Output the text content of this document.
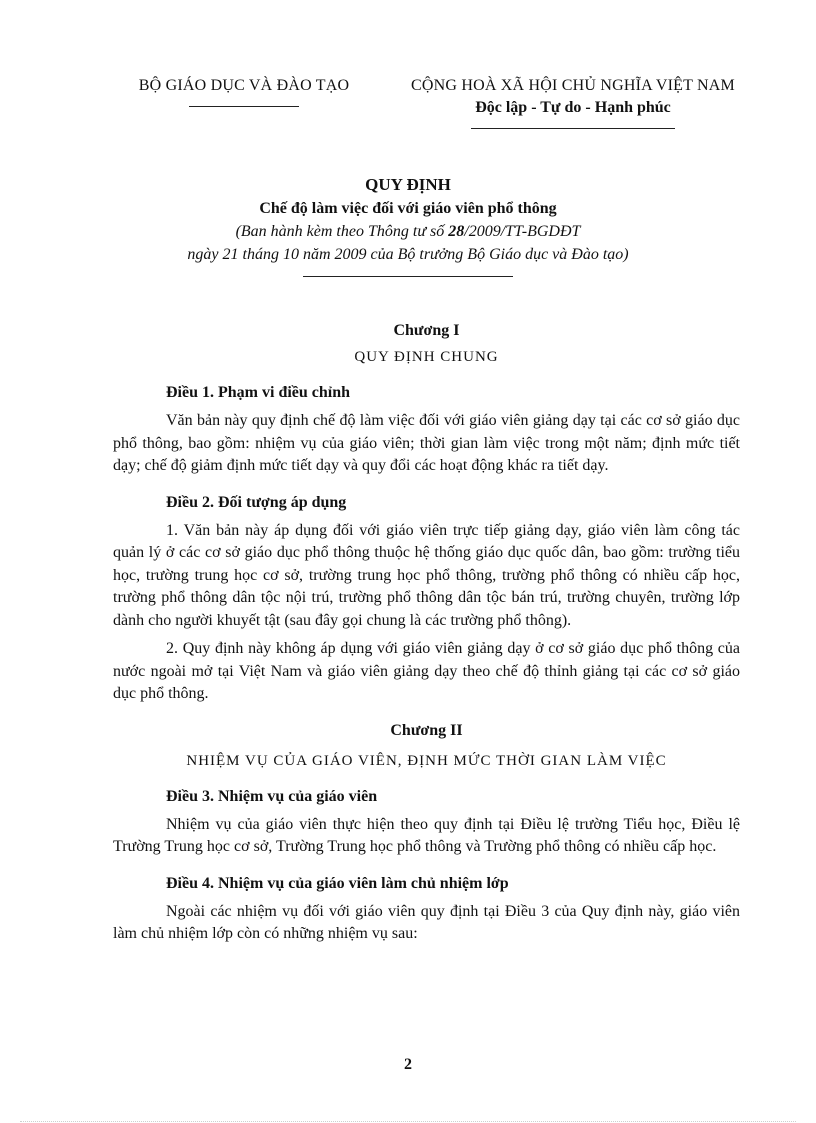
BỘ GIÁO DỤC VÀ ĐÀO TẠO	CỘNG HOÀ XÃ HỘI CHỦ NGHĨA VIỆT NAM
Độc lập - Tự do - Hạnh phúc
QUY ĐỊNH
Chế độ làm việc đối với giáo viên phổ thông
(Ban hành kèm theo Thông tư số 28/2009/TT-BGDĐT
ngày 21 tháng 10 năm 2009 của Bộ trưởng Bộ Giáo dục và Đào tạo)
Chương I
QUY ĐỊNH CHUNG
Điều 1. Phạm vi điều chỉnh
Văn bản này quy định chế độ làm việc đối với giáo viên giảng dạy tại các cơ sở giáo dục phổ thông, bao gồm: nhiệm vụ của giáo viên; thời gian làm việc trong một năm; định mức tiết dạy; chế độ giảm định mức tiết dạy và quy đổi các hoạt động khác ra tiết dạy.
Điều 2. Đối tượng áp dụng
1. Văn bản này áp dụng đối với giáo viên trực tiếp giảng dạy, giáo viên làm công tác quản lý ở các cơ sở giáo dục phổ thông thuộc hệ thống giáo dục quốc dân, bao gồm: trường tiểu học, trường trung học cơ sở, trường trung học phổ thông, trường phổ thông có nhiều cấp học, trường phổ thông dân tộc nội trú, trường phổ thông dân tộc bán trú, trường chuyên, trường lớp dành cho người khuyết tật (sau đây gọi chung là các trường phổ thông).
2. Quy định này không áp dụng với giáo viên giảng dạy ở cơ sở giáo dục phổ thông của nước ngoài mở tại Việt Nam và giáo viên giảng dạy theo chế độ thỉnh giảng tại các cơ sở giáo dục phổ thông.
Chương II
NHIỆM VỤ CỦA GIÁO VIÊN, ĐỊNH MỨC THỜI GIAN LÀM VIỆC
Điều 3. Nhiệm vụ của giáo viên
Nhiệm vụ của giáo viên thực hiện theo quy định tại Điều lệ trường Tiểu học, Điều lệ Trường Trung học cơ sở, Trường Trung học phổ thông và Trường phổ thông có nhiều cấp học.
Điều 4. Nhiệm vụ của giáo viên làm chủ nhiệm lớp
Ngoài các nhiệm vụ đối với giáo viên quy định tại Điều 3 của Quy định này, giáo viên làm chủ nhiệm lớp còn có những nhiệm vụ sau:
2
